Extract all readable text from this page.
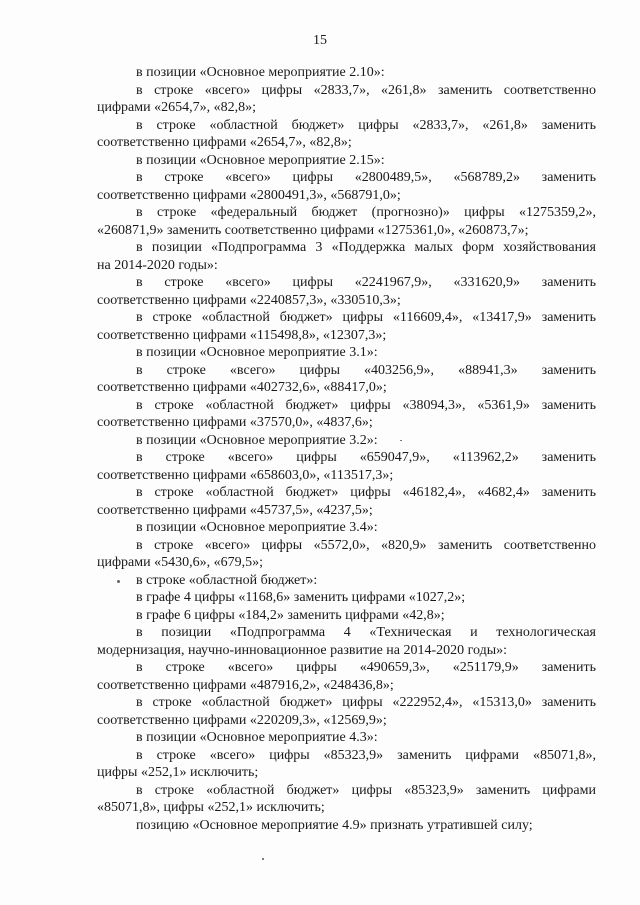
15
в позиции «Основное мероприятие 2.10»:
в строке «всего» цифры «2833,7», «261,8» заменить соответственно
цифрами «2654,7», «82,8»;
в строке «областной бюджет» цифры «2833,7», «261,8» заменить
соответственно цифрами «2654,7», «82,8»;
в позиции «Основное мероприятие 2.15»:
в строке «всего» цифры «2800489,5», «568789,2» заменить
соответственно цифрами «2800491,3», «568791,0»;
в строке «федеральный бюджет (прогнозно)» цифры «1275359,2»,
«260871,9» заменить соответственно цифрами «1275361,0», «260873,7»;
в позиции «Подпрограмма 3 «Поддержка малых форм хозяйствования
на 2014-2020 годы»:
в строке «всего» цифры «2241967,9», «331620,9» заменить
соответственно цифрами «2240857,3», «330510,3»;
в строке «областной бюджет» цифры «116609,4», «13417,9» заменить
соответственно цифрами «115498,8», «12307,3»;
в позиции «Основное мероприятие 3.1»:
в строке «всего» цифры «403256,9», «88941,3» заменить
соответственно цифрами «402732,6», «88417,0»;
в строке «областной бюджет» цифры «38094,3», «5361,9» заменить
соответственно цифрами «37570,0», «4837,6»;
в позиции «Основное мероприятие 3.2»:
в строке «всего» цифры «659047,9», «113962,2» заменить
соответственно цифрами «658603,0», «113517,3»;
в строке «областной бюджет» цифры «46182,4», «4682,4» заменить
соответственно цифрами «45737,5», «4237,5»;
в позиции «Основное мероприятие 3.4»:
в строке «всего» цифры «5572,0», «820,9» заменить соответственно
цифрами «5430,6», «679,5»;
в строке «областной бюджет»:
в графе 4 цифры «1168,6» заменить цифрами «1027,2»;
в графе 6 цифры «184,2» заменить цифрами «42,8»;
в позиции «Подпрограмма 4 «Техническая и технологическая
модернизация, научно-инновационное развитие на 2014-2020 годы»:
в строке «всего» цифры «490659,3», «251179,9» заменить
соответственно цифрами «487916,2», «248436,8»;
в строке «областной бюджет» цифры «222952,4», «15313,0» заменить
соответственно цифрами «220209,3», «12569,9»;
в позиции «Основное мероприятие 4.3»:
в строке «всего» цифры «85323,9» заменить цифрами «85071,8»,
цифры «252,1» исключить;
в строке «областной бюджет» цифры «85323,9» заменить цифрами
«85071,8», цифры «252,1» исключить;
позицию «Основное мероприятие 4.9» признать утратившей силу;
